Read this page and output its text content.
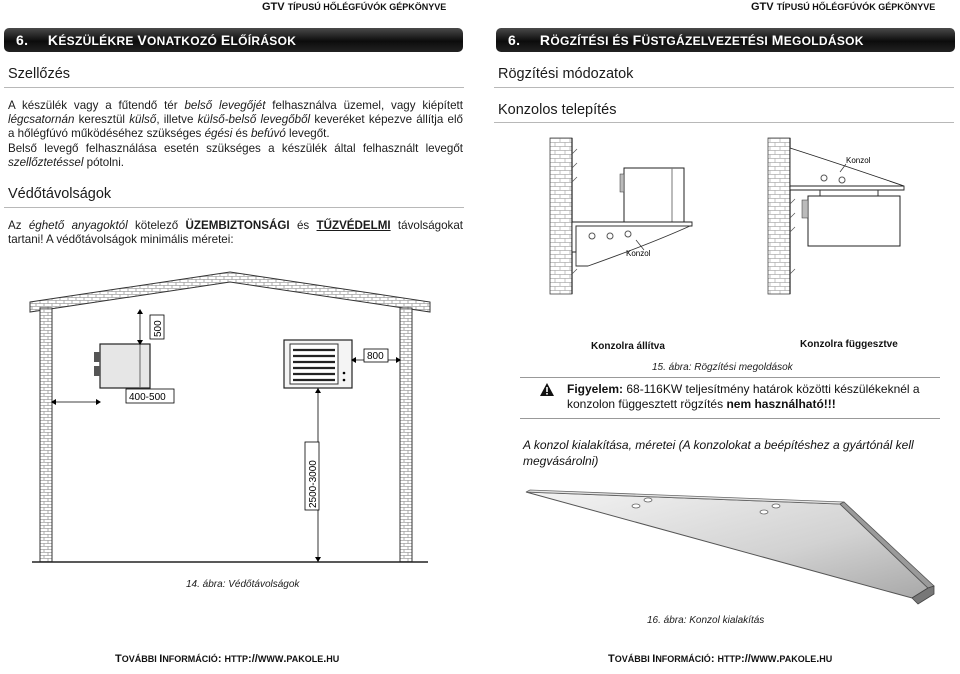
GTV TÍPUSÚ HŐLÉGFÚVÓK GÉPKÖNYVE
6. KÉSZÜLÉKRE VONATKOZÓ ELŐÍRÁSOK
Szellőzés

A készülék vagy a fűtendő tér belső levegőjét felhasználva üzemel, vagy kiépített légcsatornán keresztül külső, illetve külső-belső levegőből keveréket képezve állítja elő a hőlégfúvó működéséhez szükséges égési és befúvó levegőt.

Belső levegő felhasználása esetén szükséges a készülék által felhasznált levegőt szellőztetéssel pótolni.

Védőtávolságok

Az éghető anyagoktól kötelező ÜZEMBIZTONSÁGI és TŰZVÉDELMI távolságokat tartani! A védőtávolságok minimális méretei:

500
400-500
800
2500-3000
14. ábra: Védőtávolságok
TOVÁBBI INFORMÁCIÓ: HTTP://WWW.PAKOLE.HU
GTV TÍPUSÚ HŐLÉGFÚVÓK GÉPKÖNYVE
6. RÖGZÍTÉSI ÉS FÜSTGÁZELVEZETÉSI MEGOLDÁSOK
Rögzítési módozatok
Konzolos telepítés
Konzol
Konzol
Konzolra állítva	Konzolra függesztve
15. ábra: Rögzítési megoldások
Figyelem: 68-116KW teljesítmény határok közötti készülékeknél a konzolon függesztett rögzítés nem használható!!!
A konzol kialakítása, méretei (A konzolokat a beépítéshez a gyártónál kell megvásárolni)
16. ábra: Konzol kialakítás
TOVÁBBI INFORMÁCIÓ: HTTP://WWW.PAKOLE.HU
